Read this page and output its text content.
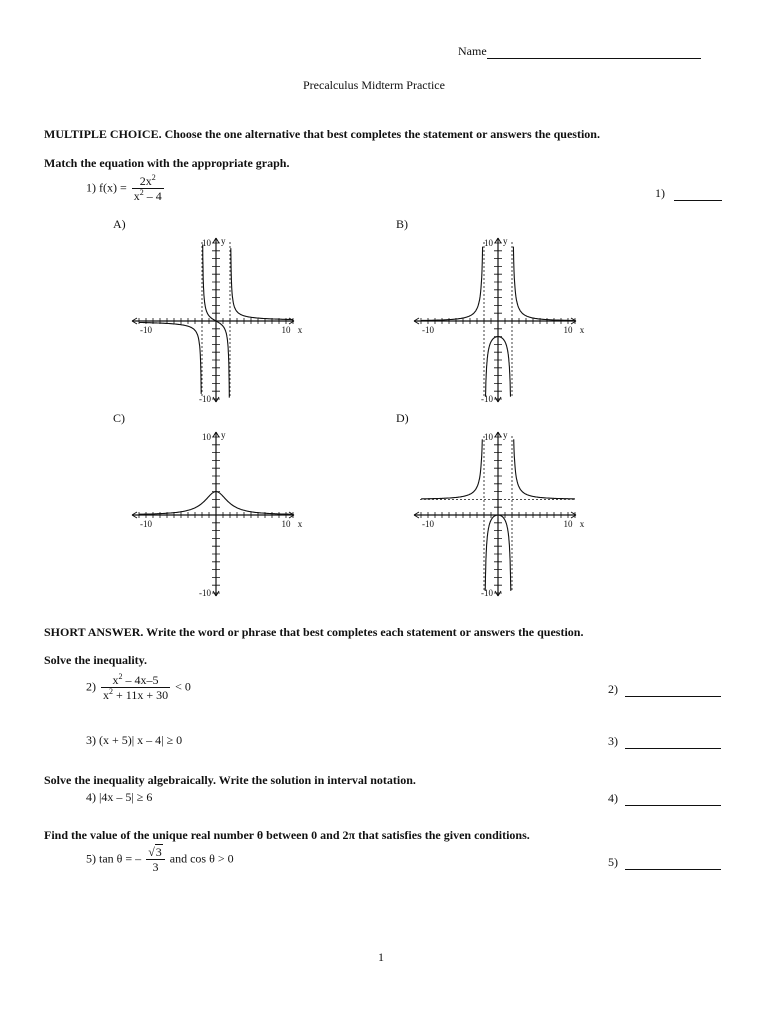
Name
Precalculus Midterm Practice
MULTIPLE CHOICE. Choose the one alternative that best completes the statement or answers the question.
Match the equation with the appropriate graph.
1) $f(x) = \frac{2x^2}{x^2 - 4}$	1)
A)	B)
C)	D)
10
-10
-10	10 x
y	10
-10
-10	10 x
y
10
-10
-10	10 x
y	10
-10
-10	10 x
y
SHORT ANSWER. Write the word or phrase that best completes each statement or answers the question.
Solve the inequality.
$2) \frac{x^2 - 4x-5}{x^2 + 11x + 30} < 0$	2)
3) (x + 5)| x – 4| ≥ 0	3)
Solve the inequality algebraically. Write the solution in interval notation.
4) |4x – 5| ≥ 6	4)
Find the value of the unique real number θ between 0 and 2π that satisfies the given conditions.
5) tan θ = – $\frac{√3}{3}$ and cos θ > 0	5)
1
